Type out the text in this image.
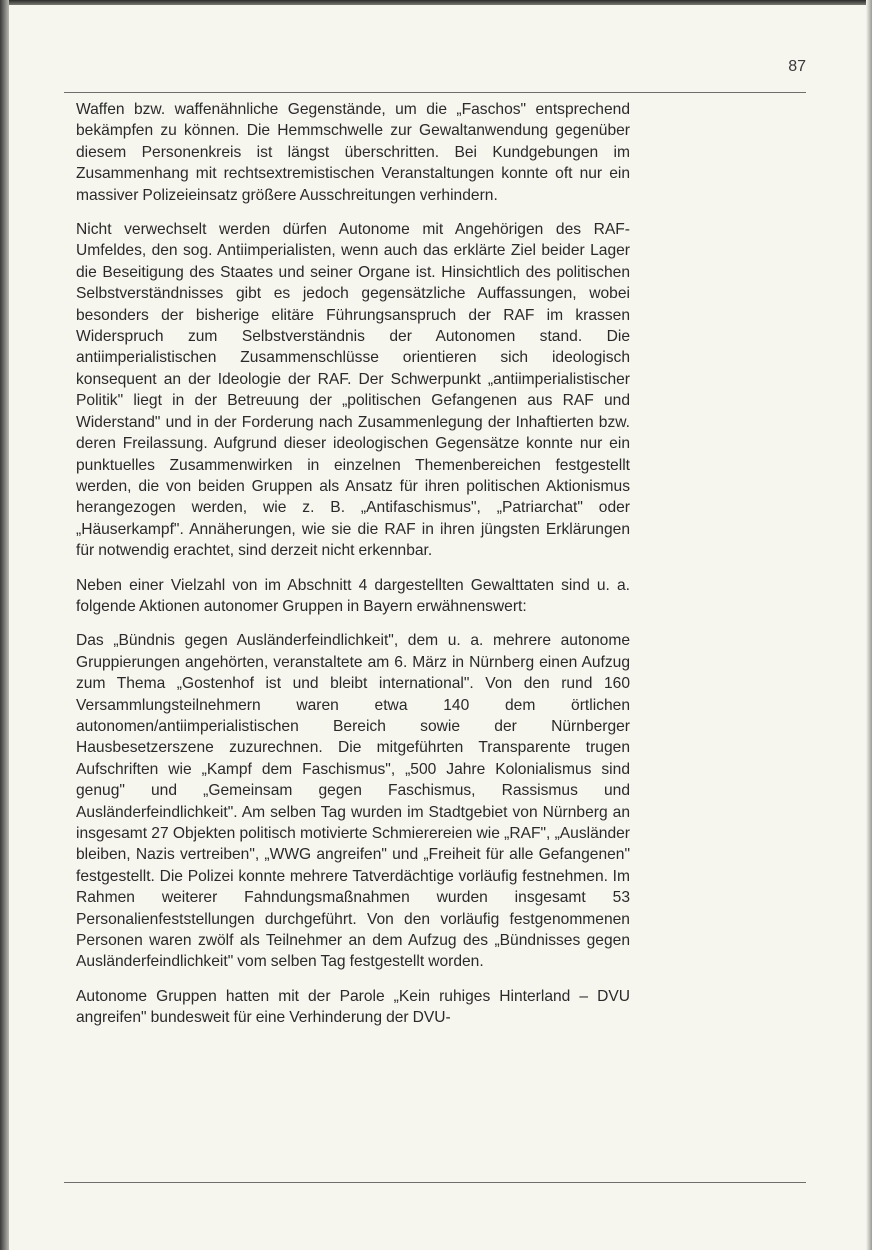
87

Waffen bzw. waffenähnliche Gegenstände, um die „Faschos" entsprechend bekämpfen zu können. Die Hemmschwelle zur Gewaltanwendung gegenüber diesem Personenkreis ist längst überschritten. Bei Kundgebungen im Zusammenhang mit rechtsextremistischen Veranstaltungen konnte oft nur ein massiver Polizeieinsatz größere Ausschreitungen verhindern.

Nicht verwechselt werden dürfen Autonome mit Angehörigen des RAF-Umfeldes, den sog. Antiimperialisten, wenn auch das erklärte Ziel beider Lager die Beseitigung des Staates und seiner Organe ist. Hinsichtlich des politischen Selbstverständnisses gibt es jedoch gegensätzliche Auffassungen, wobei besonders der bisherige elitäre Führungsanspruch der RAF im krassen Widerspruch zum Selbstverständnis der Autonomen stand. Die antiimperialistischen Zusammenschlüsse orientieren sich ideologisch konsequent an der Ideologie der RAF. Der Schwerpunkt „antiimperialistischer Politik" liegt in der Betreuung der „politischen Gefangenen aus RAF und Widerstand" und in der Forderung nach Zusammenlegung der Inhaftierten bzw. deren Freilassung. Aufgrund dieser ideologischen Gegensätze konnte nur ein punktuelles Zusammenwirken in einzelnen Themenbereichen festgestellt werden, die von beiden Gruppen als Ansatz für ihren politischen Aktionismus herangezogen werden, wie z. B. „Antifaschismus", „Patriarchat" oder „Häuserkampf". Annäherungen, wie sie die RAF in ihren jüngsten Erklärungen für notwendig erachtet, sind derzeit nicht erkennbar.

Neben einer Vielzahl von im Abschnitt 4 dargestellten Gewalttaten sind u. a. folgende Aktionen autonomer Gruppen in Bayern erwähnenswert:

Das „Bündnis gegen Ausländerfeindlichkeit", dem u. a. mehrere autonome Gruppierungen angehörten, veranstaltete am 6. März in Nürnberg einen Aufzug zum Thema „Gostenhof ist und bleibt international". Von den rund 160 Versammlungsteilnehmern waren etwa 140 dem örtlichen autonomen/antiimperialistischen Bereich sowie der Nürnberger Hausbesetzerszene zuzurechnen. Die mitgeführten Transparente trugen Aufschriften wie „Kampf dem Faschismus", „500 Jahre Kolonialismus sind genug" und „Gemeinsam gegen Faschismus, Rassismus und Ausländerfeindlichkeit". Am selben Tag wurden im Stadtgebiet von Nürnberg an insgesamt 27 Objekten politisch motivierte Schmierereien wie „RAF", „Ausländer bleiben, Nazis vertreiben", „WWG angreifen" und „Freiheit für alle Gefangenen" festgestellt. Die Polizei konnte mehrere Tatverdächtige vorläufig festnehmen. Im Rahmen weiterer Fahndungsmaßnahmen wurden insgesamt 53 Personalienfeststellungen durchgeführt. Von den vorläufig festgenommenen Personen waren zwölf als Teilnehmer an dem Aufzug des „Bündnisses gegen Ausländerfeindlichkeit" vom selben Tag festgestellt worden.

Autonome Gruppen hatten mit der Parole „Kein ruhiges Hinterland – DVU angreifen" bundesweit für eine Verhinderung der DVU-
